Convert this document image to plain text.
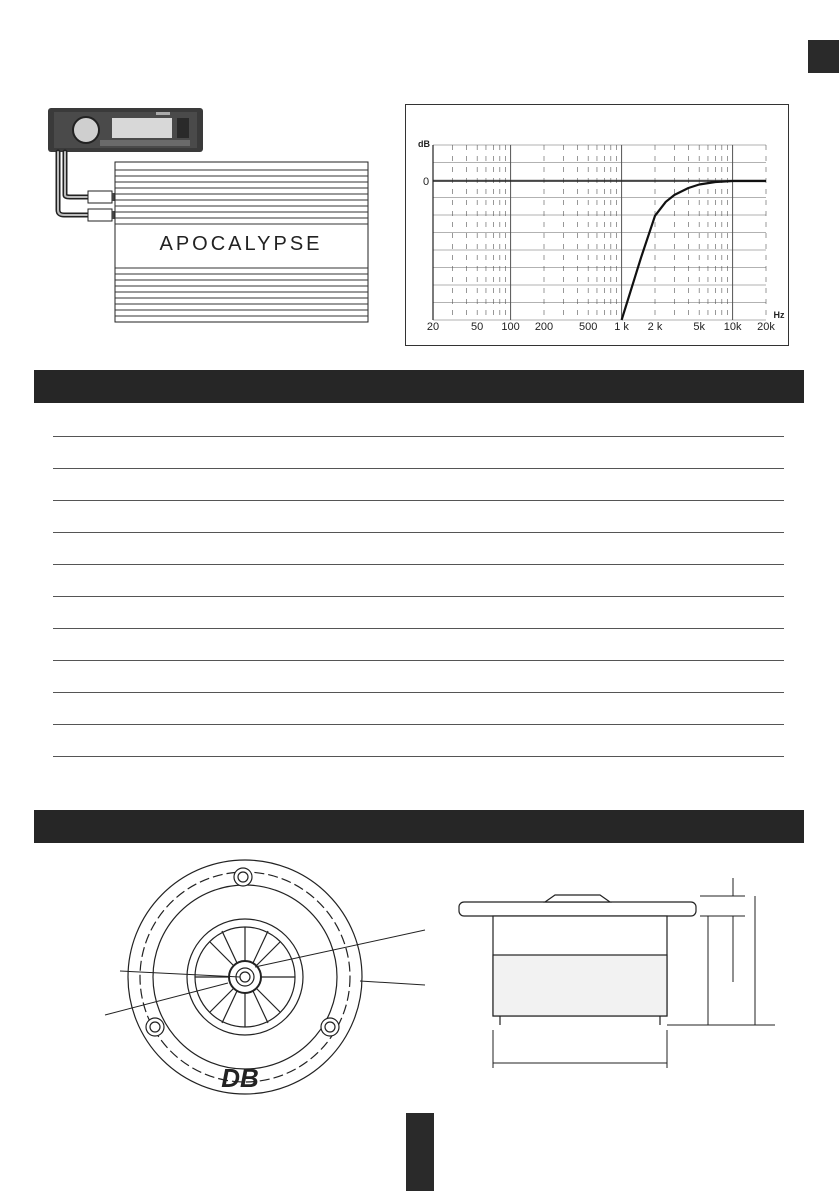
APOCALYPSE
dB
0
20	50 100 200 500 1 k 2 k	5k 10k 20k
Hz
DB
